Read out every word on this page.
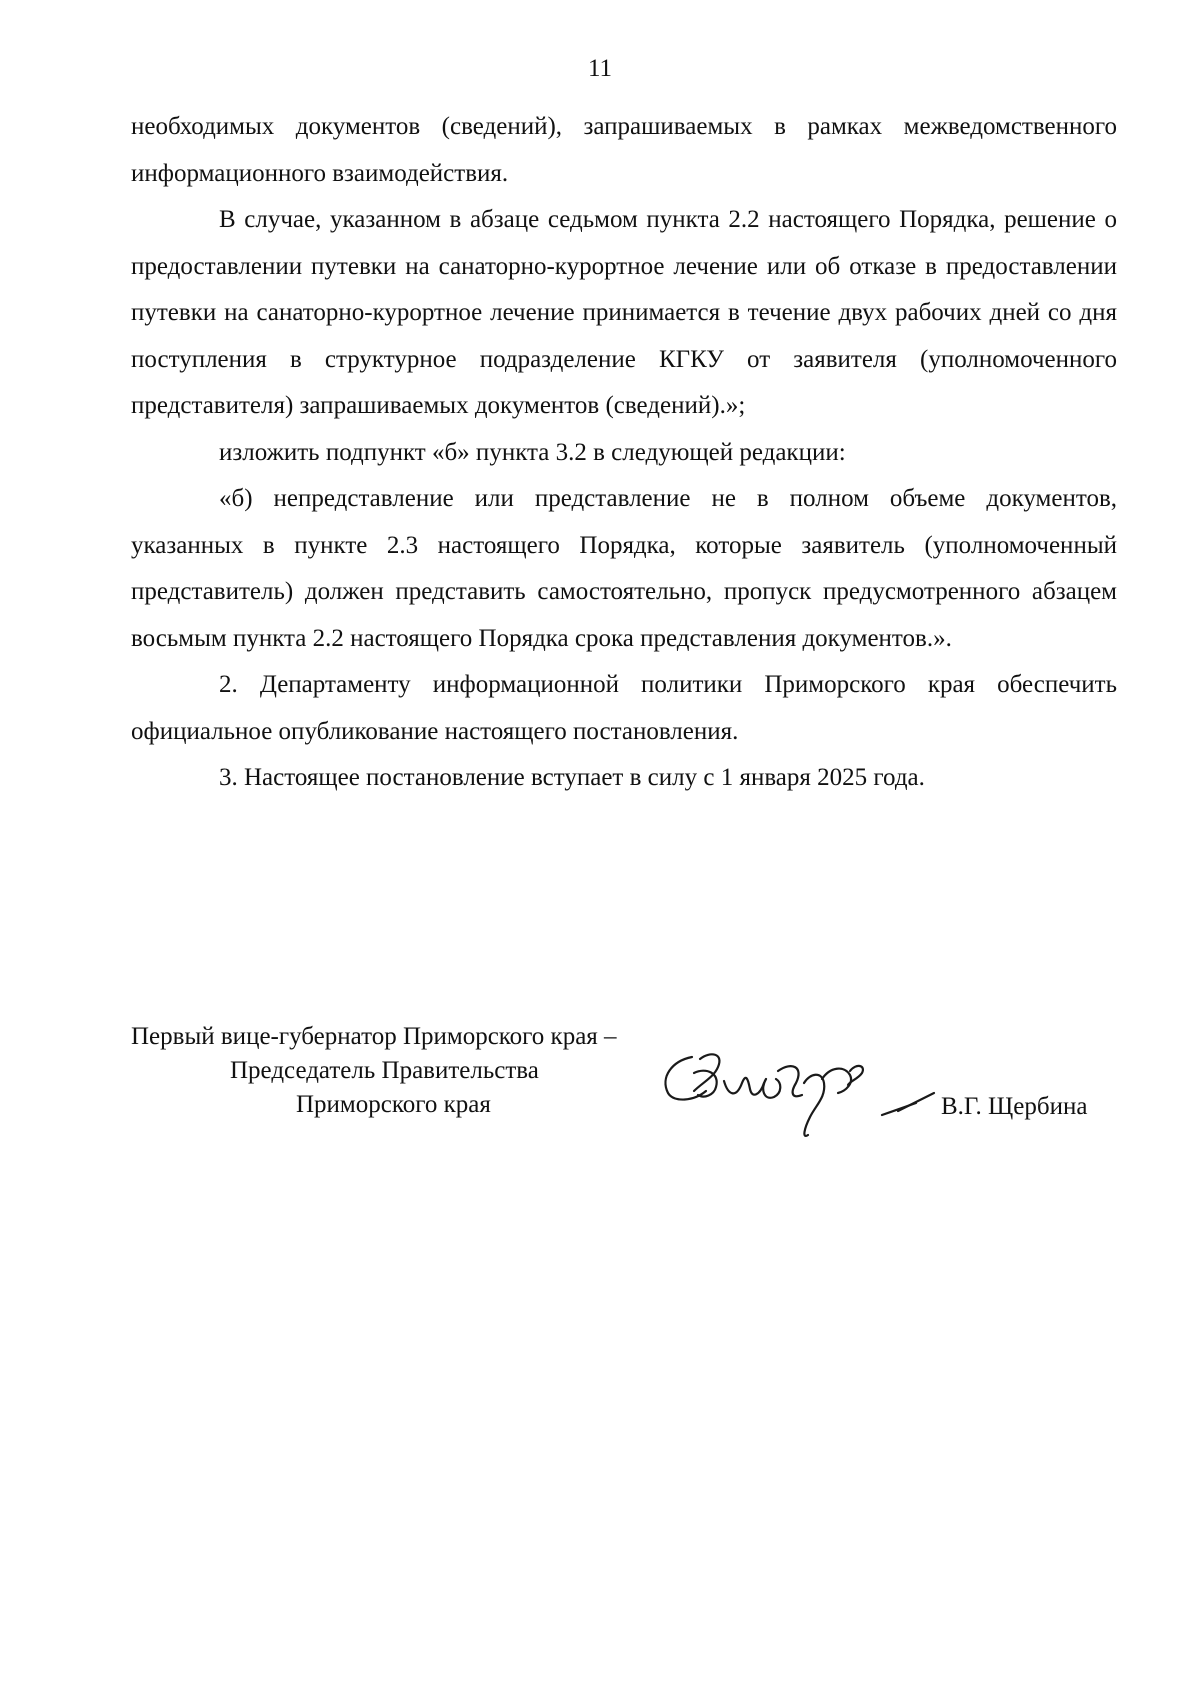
11

необходимых документов (сведений), запрашиваемых в рамках межведомственного информационного взаимодействия.

В случае, указанном в абзаце седьмом пункта 2.2 настоящего Порядка, решение о предоставлении путевки на санаторно-курортное лечение или об отказе в предоставлении путевки на санаторно-курортное лечение принимается в течение двух рабочих дней со дня поступления в структурное подразделение КГКУ от заявителя (уполномоченного представителя) запрашиваемых документов (сведений).»;

изложить подпункт «б» пункта 3.2 в следующей редакции:

«б) непредставление или представление не в полном объеме документов, указанных в пункте 2.3 настоящего Порядка, которые заявитель (уполномоченный представитель) должен представить самостоятельно, пропуск предусмотренного абзацем восьмым пункта 2.2 настоящего Порядка срока представления документов.».

2. Департаменту информационной политики Приморского края обеспечить официальное опубликование настоящего постановления.

3. Настоящее постановление вступает в силу с 1 января 2025 года.

Первый вице-губернатор Приморского края –
Председатель Правительства
Приморского края	В.Г. Щербина
